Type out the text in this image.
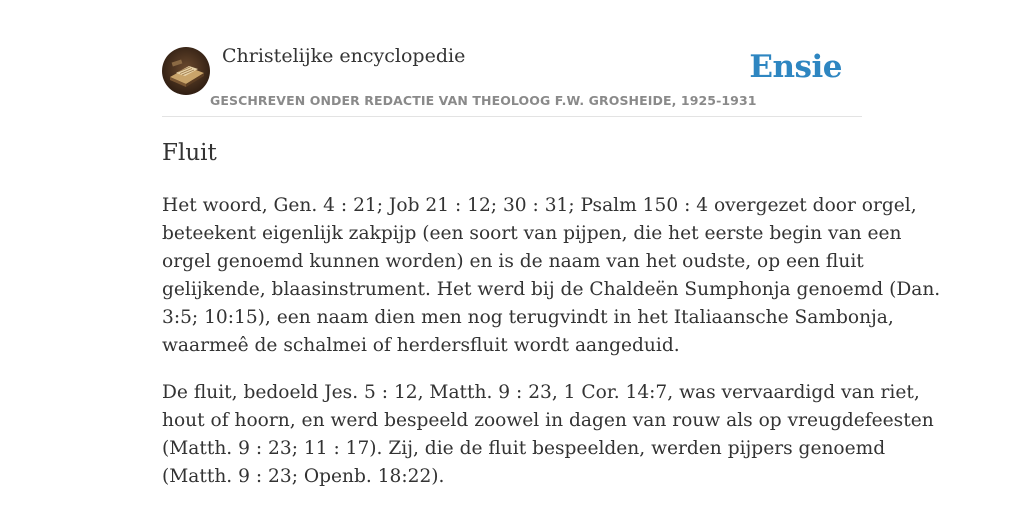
Christelijke encyclopedie
GESCHREVEN ONDER REDACTIE VAN THEOLOOG F.W. GROSHEIDE, 1925-1931
Ensie
Fluit

Het woord, Gen. 4 : 21; Job 21 : 12; 30 : 31; Psalm 150 : 4 overgezet door orgel,
beteekent eigenlijk zakpijp (een soort van pijpen, die het eerste begin van een
orgel genoemd kunnen worden) en is de naam van het oudste, op een fluit
gelijkende, blaasinstrument. Het werd bij de Chaldeën Sumphonja genoemd (Dan.
3:5; 10:15), een naam dien men nog terugvindt in het Italiaansche Sambonja,
waarmeê de schalmei of herdersfluit wordt aangeduid.

De fluit, bedoeld Jes. 5 : 12, Matth. 9 : 23, 1 Cor. 14:7, was vervaardigd van riet,
hout of hoorn, en werd bespeeld zoowel in dagen van rouw als op vreugdefeesten
(Matth. 9 : 23; 11 : 17). Zij, die de fluit bespeelden, werden pijpers genoemd
(Matth. 9 : 23; Openb. 18:22).
